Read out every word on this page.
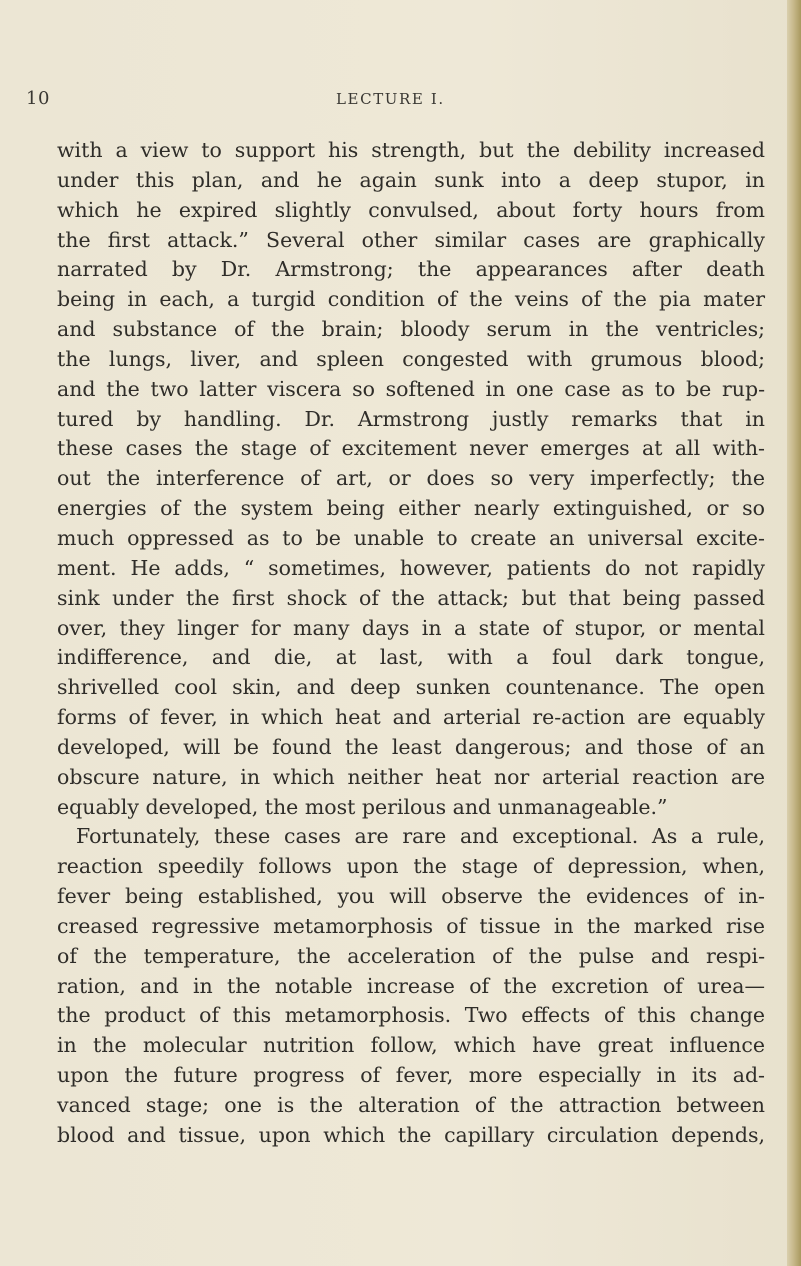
10	LECTURE I.
with a view to support his strength, but the debility increased
under this plan, and he again sunk into a deep stupor, in
which he expired slightly convulsed, about forty hours from
the first attack.” Several other similar cases are graphically
narrated by Dr. Armstrong; the appearances after death
being in each, a turgid condition of the veins of the pia mater
and substance of the brain; bloody serum in the ventricles;
the lungs, liver, and spleen congested with grumous blood;
and the two latter viscera so softened in one case as to be rup-
tured by handling. Dr. Armstrong justly remarks that in
these cases the stage of excitement never emerges at all with-
out the interference of art, or does so very imperfectly; the
energies of the system being either nearly extinguished, or so
much oppressed as to be unable to create an universal excite-
ment. He adds, “ sometimes, however, patients do not rapidly
sink under the first shock of the attack; but that being passed
over, they linger for many days in a state of stupor, or mental
indifference, and die, at last, with a foul dark tongue,
shrivelled cool skin, and deep sunken countenance. The open
forms of fever, in which heat and arterial re-action are equably
developed, will be found the least dangerous; and those of an
obscure nature, in which neither heat nor arterial reaction are
equably developed, the most perilous and unmanageable.”
Fortunately, these cases are rare and exceptional. As a rule,
reaction speedily follows upon the stage of depression, when,
fever being established, you will observe the evidences of in-
creased regressive metamorphosis of tissue in the marked rise
of the temperature, the acceleration of the pulse and respi-
ration, and in the notable increase of the excretion of urea—
the product of this metamorphosis. Two effects of this change
in the molecular nutrition follow, which have great influence
upon the future progress of fever, more especially in its ad-
vanced stage; one is the alteration of the attraction between
blood and tissue, upon which the capillary circulation depends,
